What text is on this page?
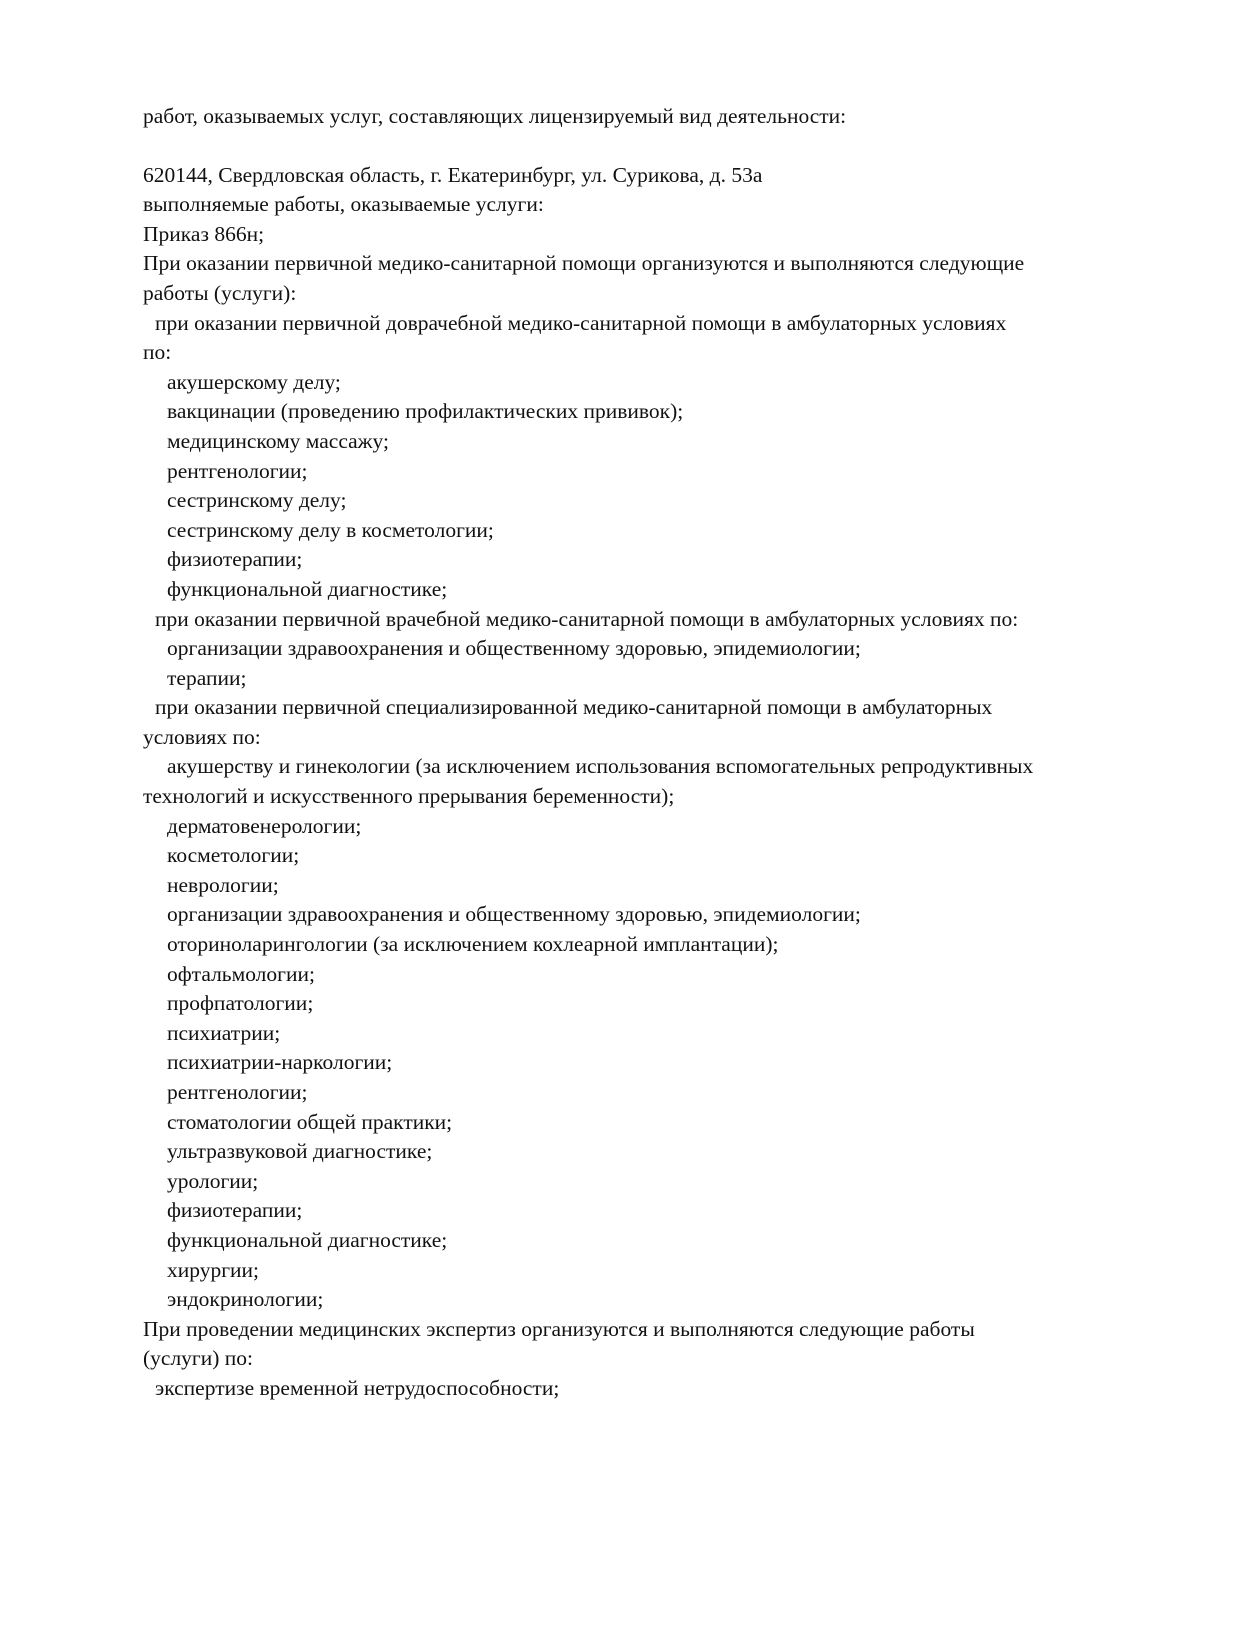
работ, оказываемых услуг, составляющих лицензируемый вид деятельности:
620144, Свердловская область, г. Екатеринбург, ул. Сурикова, д. 53а
выполняемые работы, оказываемые услуги:
Приказ 866н;
При оказании первичной медико-санитарной помощи организуются и выполняются следующие
работы (услуги):
при оказании первичной доврачебной медико-санитарной помощи в амбулаторных условиях
по:
акушерскому делу;
вакцинации (проведению профилактических прививок);
медицинскому массажу;
рентгенологии;
сестринскому делу;
сестринскому делу в косметологии;
физиотерапии;
функциональной диагностике;
при оказании первичной врачебной медико-санитарной помощи в амбулаторных условиях по:
организации здравоохранения и общественному здоровью, эпидемиологии;
терапии;
при оказании первичной специализированной медико-санитарной помощи в амбулаторных
условиях по:
акушерству и гинекологии (за исключением использования вспомогательных репродуктивных
технологий и искусственного прерывания беременности);
дерматовенерологии;
косметологии;
неврологии;
организации здравоохранения и общественному здоровью, эпидемиологии;
оториноларингологии (за исключением кохлеарной имплантации);
офтальмологии;
профпатологии;
психиатрии;
психиатрии-наркологии;
рентгенологии;
стоматологии общей практики;
ультразвуковой диагностике;
урологии;
физиотерапии;
функциональной диагностике;
хирургии;
эндокринологии;
При проведении медицинских экспертиз организуются и выполняются следующие работы
(услуги) по:
экспертизе временной нетрудоспособности;
